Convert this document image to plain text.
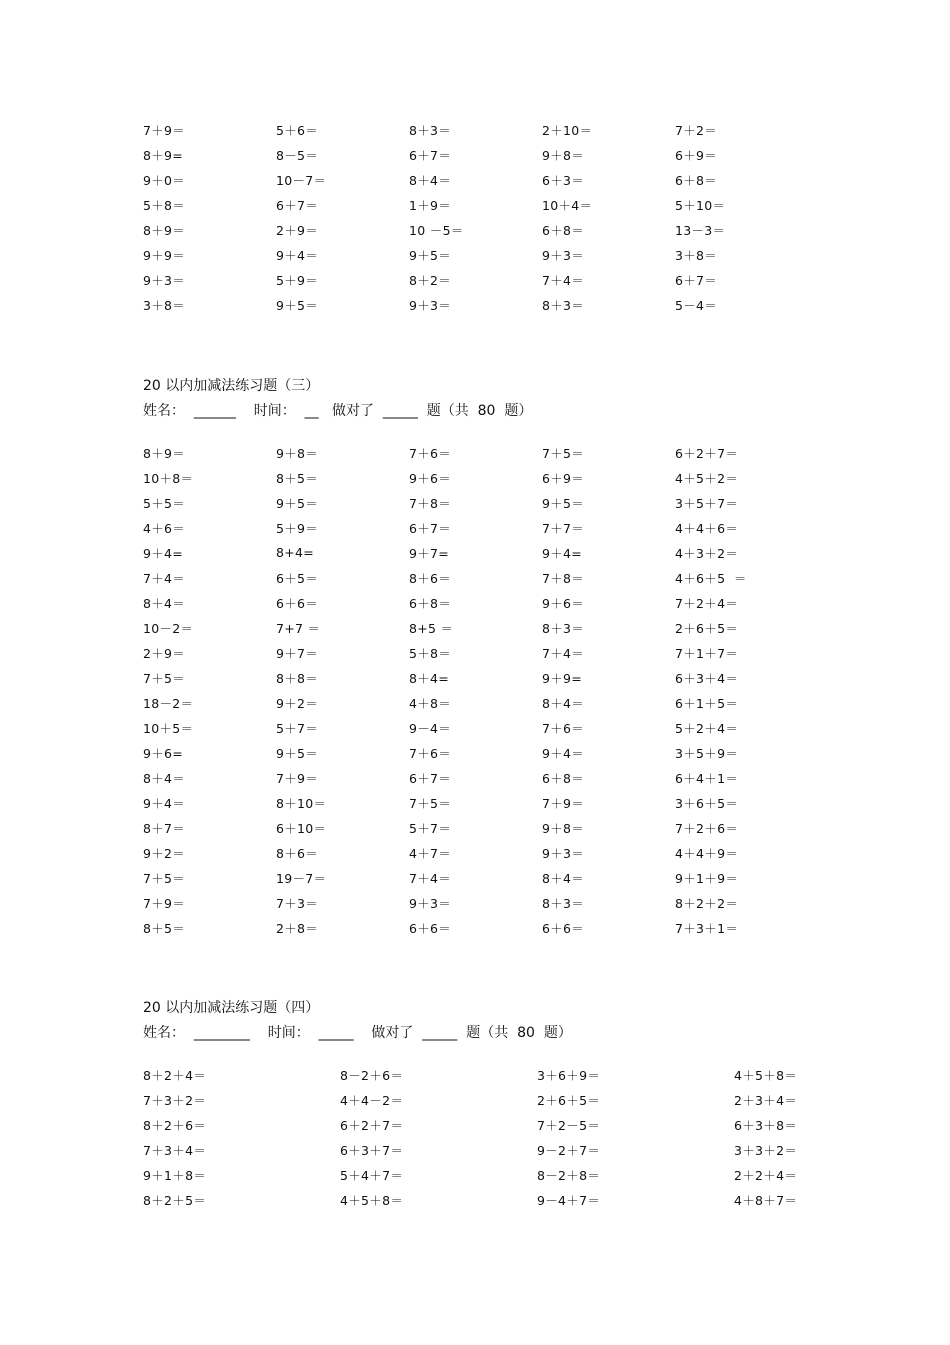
7＋9＝	5＋6＝	8＋3＝	2＋10＝	7＋2＝
8＋9=	8－5＝	6＋7＝	9＋8＝	6＋9＝
9＋0＝	10－7＝	8＋4＝	6＋3＝	6＋8＝
5＋8＝	6＋7＝	1＋9＝	10＋4＝	5＋10＝
8＋9＝	2＋9＝	10 －5＝	6＋8＝	13－3＝
9＋9＝	9＋4＝	9＋5＝	9＋3＝	3＋8＝
9＋3＝	5＋9＝	8＋2＝	7＋4＝	6＋7＝
3＋8＝	9＋5＝	9＋3＝	8＋3＝	5－4＝
20 以内加减法练习题（三）
姓名：  ______    时间：  __   做对了  _____  题（共  80  题）
8＋9＝	9＋8＝	7＋6＝	7＋5＝	6＋2＋7＝
10＋8＝	8＋5＝	9＋6＝	6＋9＝	4＋5＋2＝
5＋5＝	9＋5＝	7＋8＝	9＋5＝	3＋5＋7＝
4＋6＝	5＋9＝	6＋7＝	7＋7＝	4＋4＋6＝
9＋4=	8+4=	9＋7=	9＋4=	4＋3＋2＝
7＋4＝	6＋5＝	8＋6＝	7＋8＝	4＋6＋5  ＝
8＋4＝	6＋6＝	6＋8＝	9＋6＝	7＋2＋4＝
10－2＝	7+7 ＝	8+5 ＝	8＋3＝	2＋6＋5＝
2＋9＝	9＋7＝	5＋8＝	7＋4＝	7＋1＋7＝
7＋5＝	8＋8＝	8＋4=	9＋9=	6＋3＋4＝
18－2＝	9＋2＝	4＋8＝	8＋4＝	6＋1＋5＝
10＋5＝	5＋7＝	9－4＝	7＋6＝	5＋2＋4＝
9＋6=	9＋5＝	7＋6＝	9＋4＝	3＋5＋9＝
8＋4＝	7＋9＝	6＋7＝	6＋8＝	6＋4＋1＝
9＋4＝	8＋10＝	7＋5＝	7＋9＝	3＋6＋5＝
8＋7＝	6＋10＝	5＋7＝	9＋8＝	7＋2＋6＝
9＋2＝	8＋6＝	4＋7＝	9＋3＝	4＋4＋9＝
7＋5＝	19－7＝	7＋4＝	8＋4＝	9＋1＋9＝
7＋9＝	7＋3＝	9＋3＝	8＋3＝	8＋2＋2＝
8＋5＝	2＋8＝	6＋6＝	6＋6＝	7＋3＋1＝
20 以内加减法练习题（四）
姓名：  ________    时间：  _____    做对了  _____  题（共  80  题）
8＋2＋4＝	8－2＋6＝	3＋6＋9＝	4＋5＋8＝
7＋3＋2＝	4＋4－2＝	2＋6＋5＝	2＋3＋4＝
8＋2＋6＝	6＋2＋7＝	7＋2－5＝	6＋3＋8＝
7＋3＋4＝	6＋3＋7＝	9－2＋7＝	3＋3＋2＝
9＋1＋8＝	5＋4＋7＝	8－2＋8＝	2＋2＋4＝
8＋2＋5＝	4＋5＋8＝	9－4＋7＝	4＋8＋7＝
